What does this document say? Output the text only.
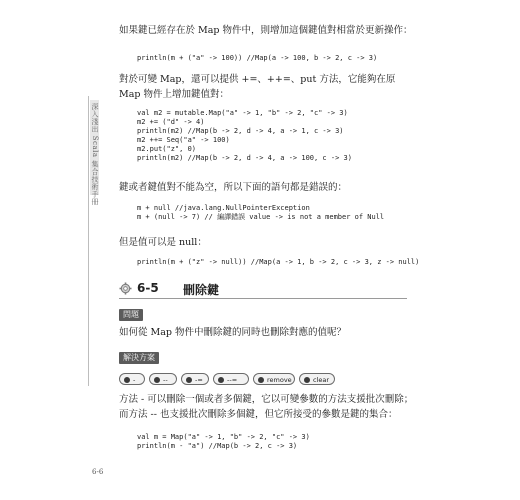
深入淺出 Scala 集合技術手冊
如果鍵已經存在於 Map 物件中，則增加這個鍵值對相當於更新操作：
println(m + ("a" -> 100)) //Map(a -> 100, b -> 2, c -> 3)
對於可變 Map，還可以提供 +=、++=、put 方法，它能夠在原 Map 物件上增加鍵值對：
val m2 = mutable.Map("a" -> 1, "b" -> 2, "c" -> 3)
m2 += ("d" -> 4)
println(m2) //Map(b -> 2, d -> 4, a -> 1, c -> 3)
m2 ++= Seq("a" -> 100)
m2.put("z", 0)
println(m2) //Map(b -> 2, d -> 4, a -> 100, c -> 3)
鍵或者鍵值對不能為空，所以下面的語句都是錯誤的：
m + null //java.lang.NullPointerException
m + (null -> 7) // 編譯錯誤 value -> is not a member of Null
但是值可以是 null：
println(m + ("z" -> null)) //Map(a -> 1, b -> 2, c -> 3, z -> null)
6-5 刪除鍵
問題
如何從 Map 物件中刪除鍵的同時也刪除對應的值呢？
解決方案
-	--	-=	--=	remove	clear
方法 - 可以刪除一個或者多個鍵，它以可變參數的方法支援批次刪除；而方法 -- 也支援批次刪除多個鍵，但它所接受的參數是鍵的集合：
val m = Map("a" -> 1, "b" -> 2, "c" -> 3)
println(m - "a") //Map(b -> 2, c -> 3)
6-6
